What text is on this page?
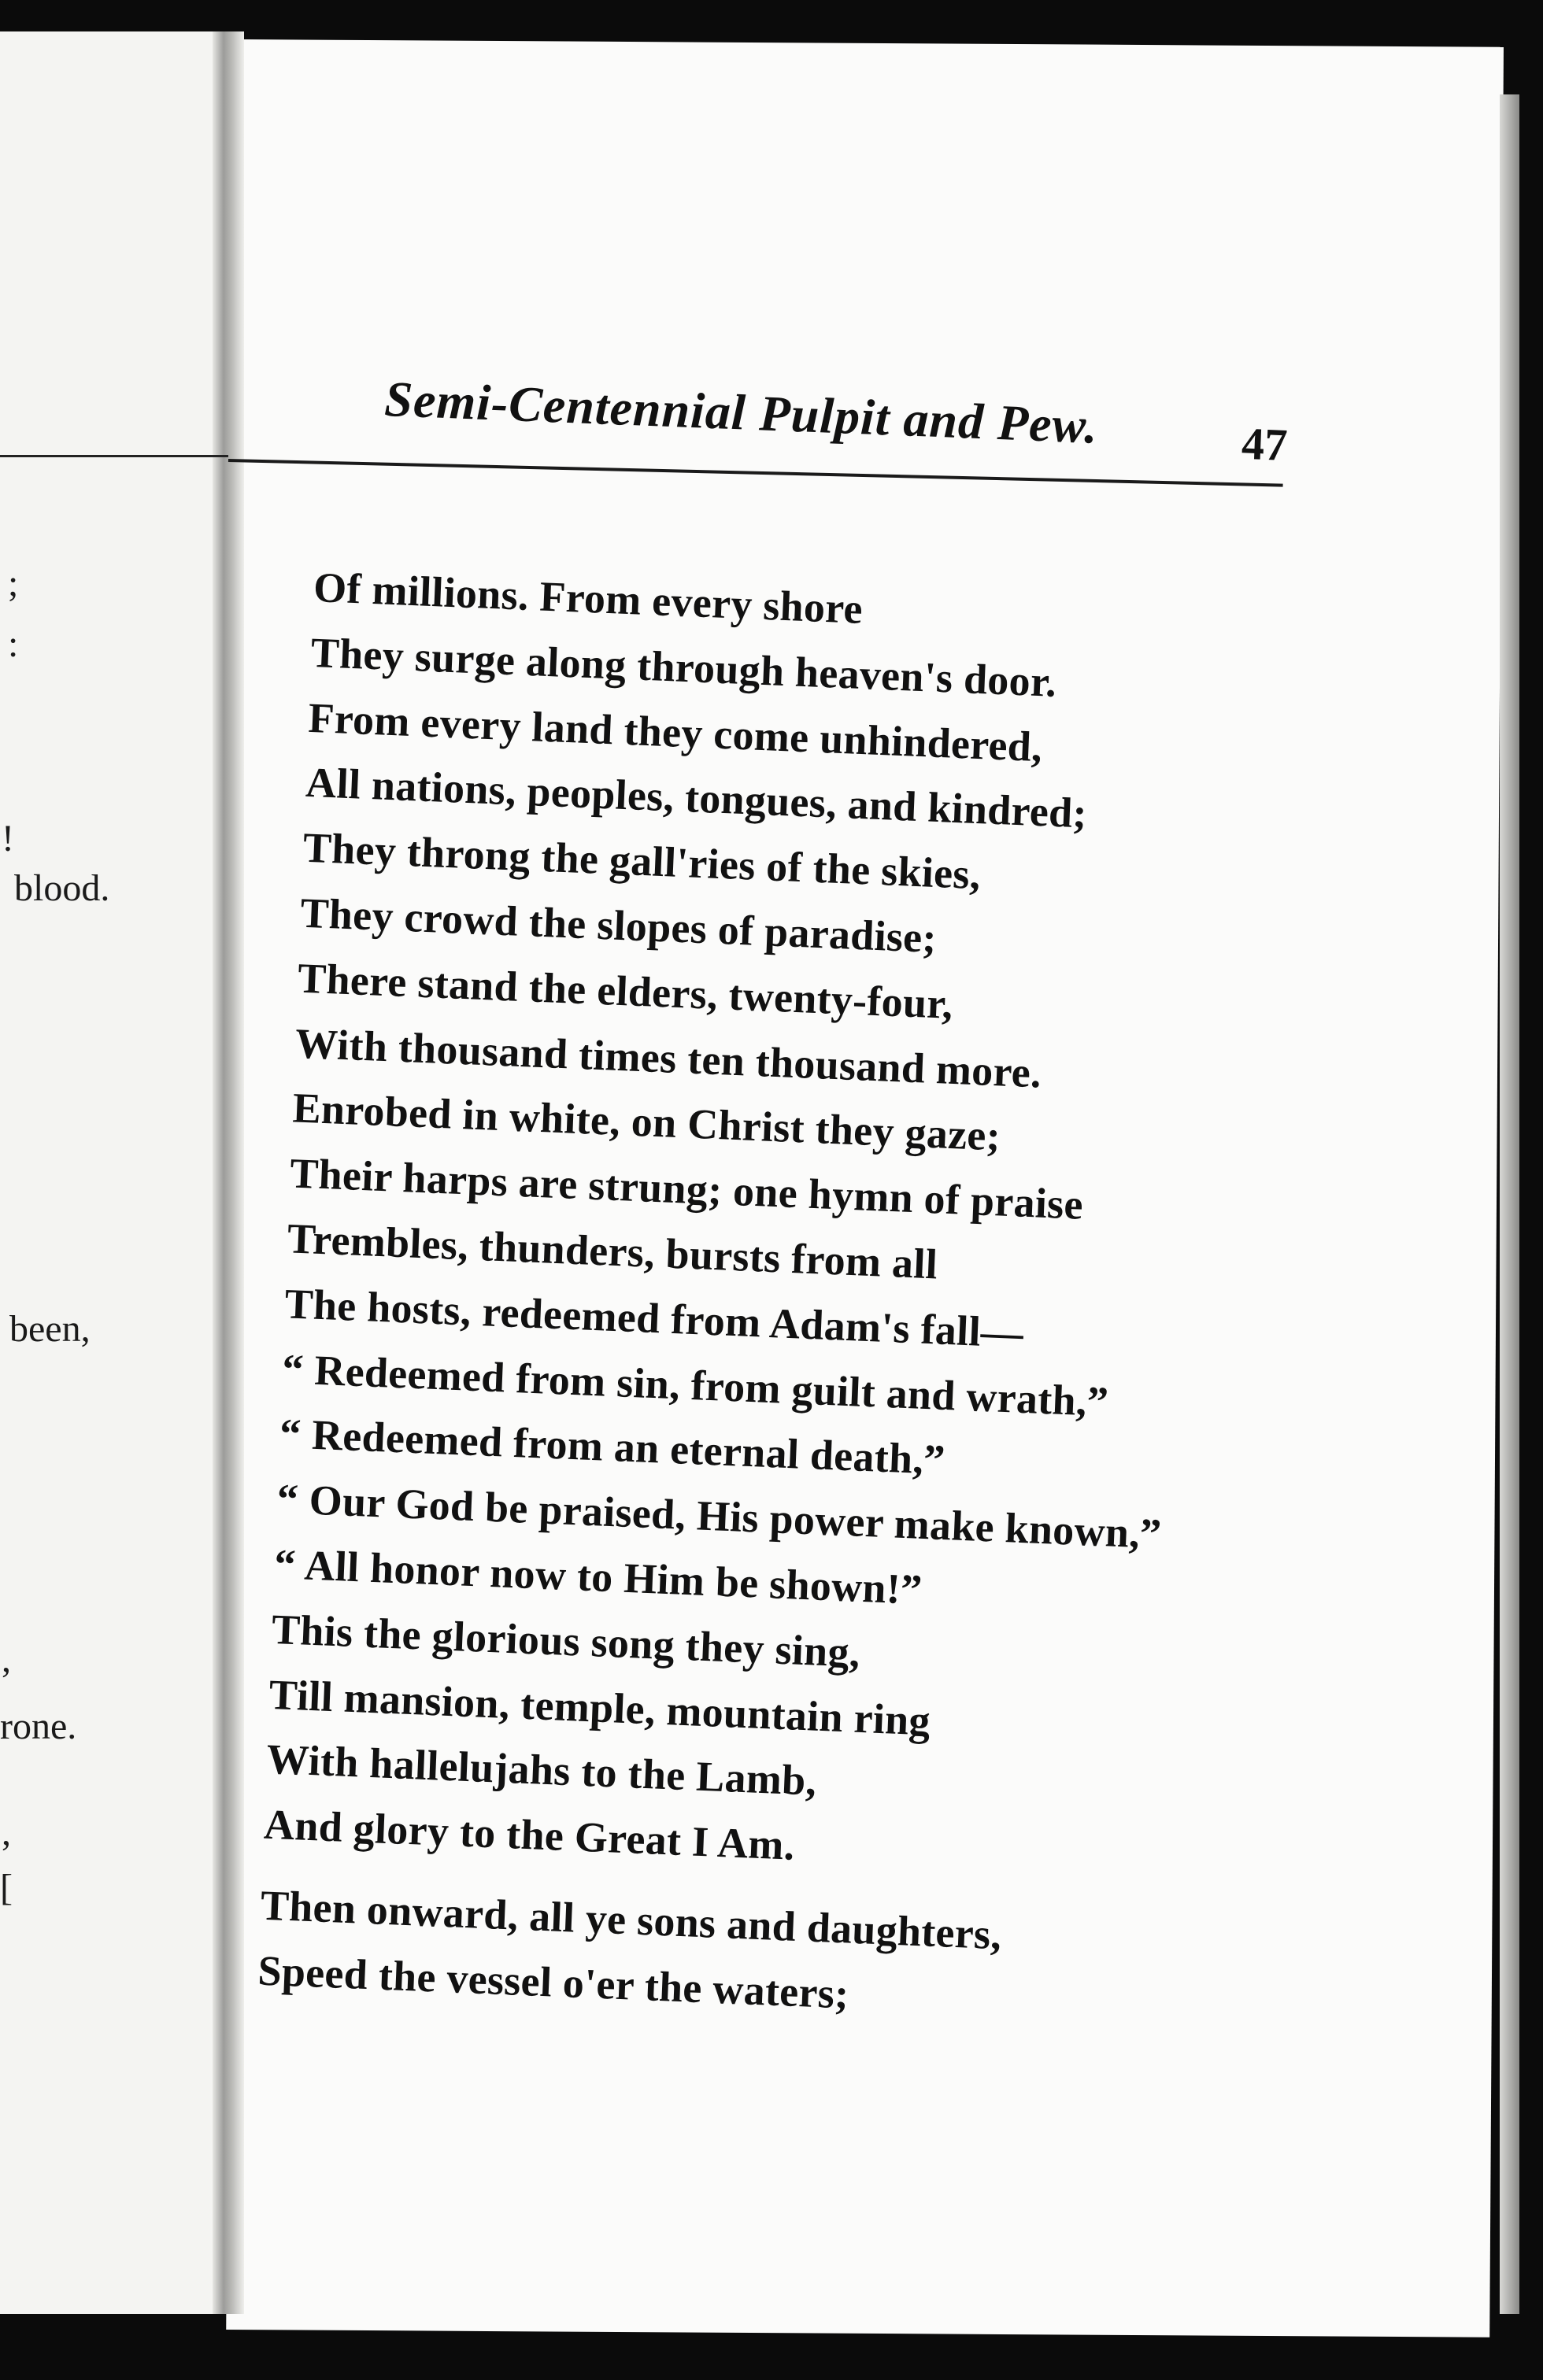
;
:
!
blood.
been,
,
rone.
,
[
Semi-Centennial Pulpit and Pew.	47
Of millions. From every shore
They surge along through heaven's door.
From every land they come unhindered,
All nations, peoples, tongues, and kindred;
They throng the gall'ries of the skies,
They crowd the slopes of paradise;
There stand the elders, twenty-four,
With thousand times ten thousand more.
Enrobed in white, on Christ they gaze;
Their harps are strung; one hymn of praise
Trembles, thunders, bursts from all
The hosts, redeemed from Adam's fall—
“ Redeemed from sin, from guilt and wrath,”
“ Redeemed from an eternal death,”
“ Our God be praised, His power make known,”
“ All honor now to Him be shown!”
This the glorious song they sing,
Till mansion, temple, mountain ring
With hallelujahs to the Lamb,
And glory to the Great I Am.
Then onward, all ye sons and daughters,
Speed the vessel o'er the waters;
